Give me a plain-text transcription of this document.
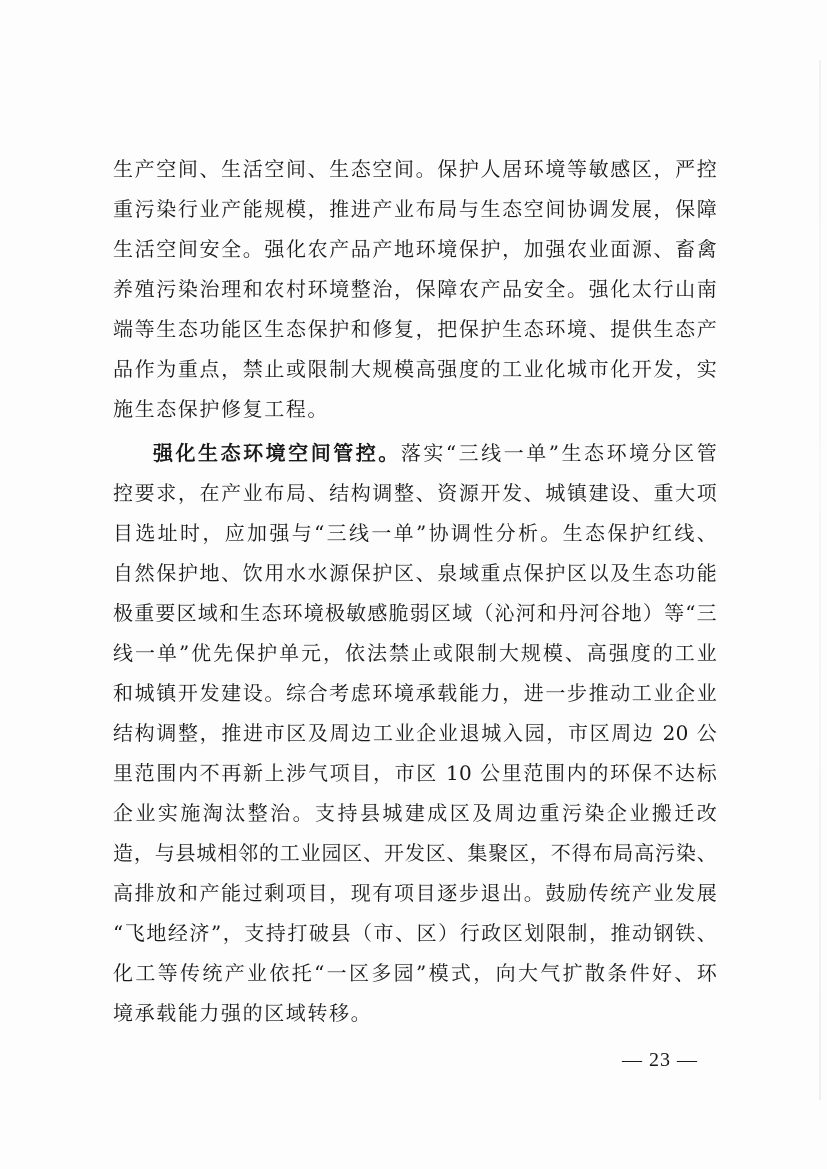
生产空间、生活空间、生态空间。保护人居环境等敏感区，严控
重污染行业产能规模，推进产业布局与生态空间协调发展，保障
生活空间安全。强化农产品产地环境保护，加强农业面源、畜禽
养殖污染治理和农村环境整治，保障农产品安全。强化太行山南
端等生态功能区生态保护和修复，把保护生态环境、提供生态产
品作为重点，禁止或限制大规模高强度的工业化城市化开发，实
施生态保护修复工程。
强化生态环境空间管控。落实“三线一单”生态环境分区管
控要求，在产业布局、结构调整、资源开发、城镇建设、重大项
目选址时，应加强与“三线一单”协调性分析。生态保护红线、
自然保护地、饮用水水源保护区、泉域重点保护区以及生态功能
极重要区域和生态环境极敏感脆弱区域（沁河和丹河谷地）等“三
线一单”优先保护单元，依法禁止或限制大规模、高强度的工业
和城镇开发建设。综合考虑环境承载能力，进一步推动工业企业
结构调整，推进市区及周边工业企业退城入园，市区周边 20 公
里范围内不再新上涉气项目，市区 10 公里范围内的环保不达标
企业实施淘汰整治。支持县城建成区及周边重污染企业搬迁改
造，与县城相邻的工业园区、开发区、集聚区，不得布局高污染、
高排放和产能过剩项目，现有项目逐步退出。鼓励传统产业发展
“飞地经济”，支持打破县（市、区）行政区划限制，推动钢铁、
化工等传统产业依托“一区多园”模式，向大气扩散条件好、环
境承载能力强的区域转移。
— 23 —
